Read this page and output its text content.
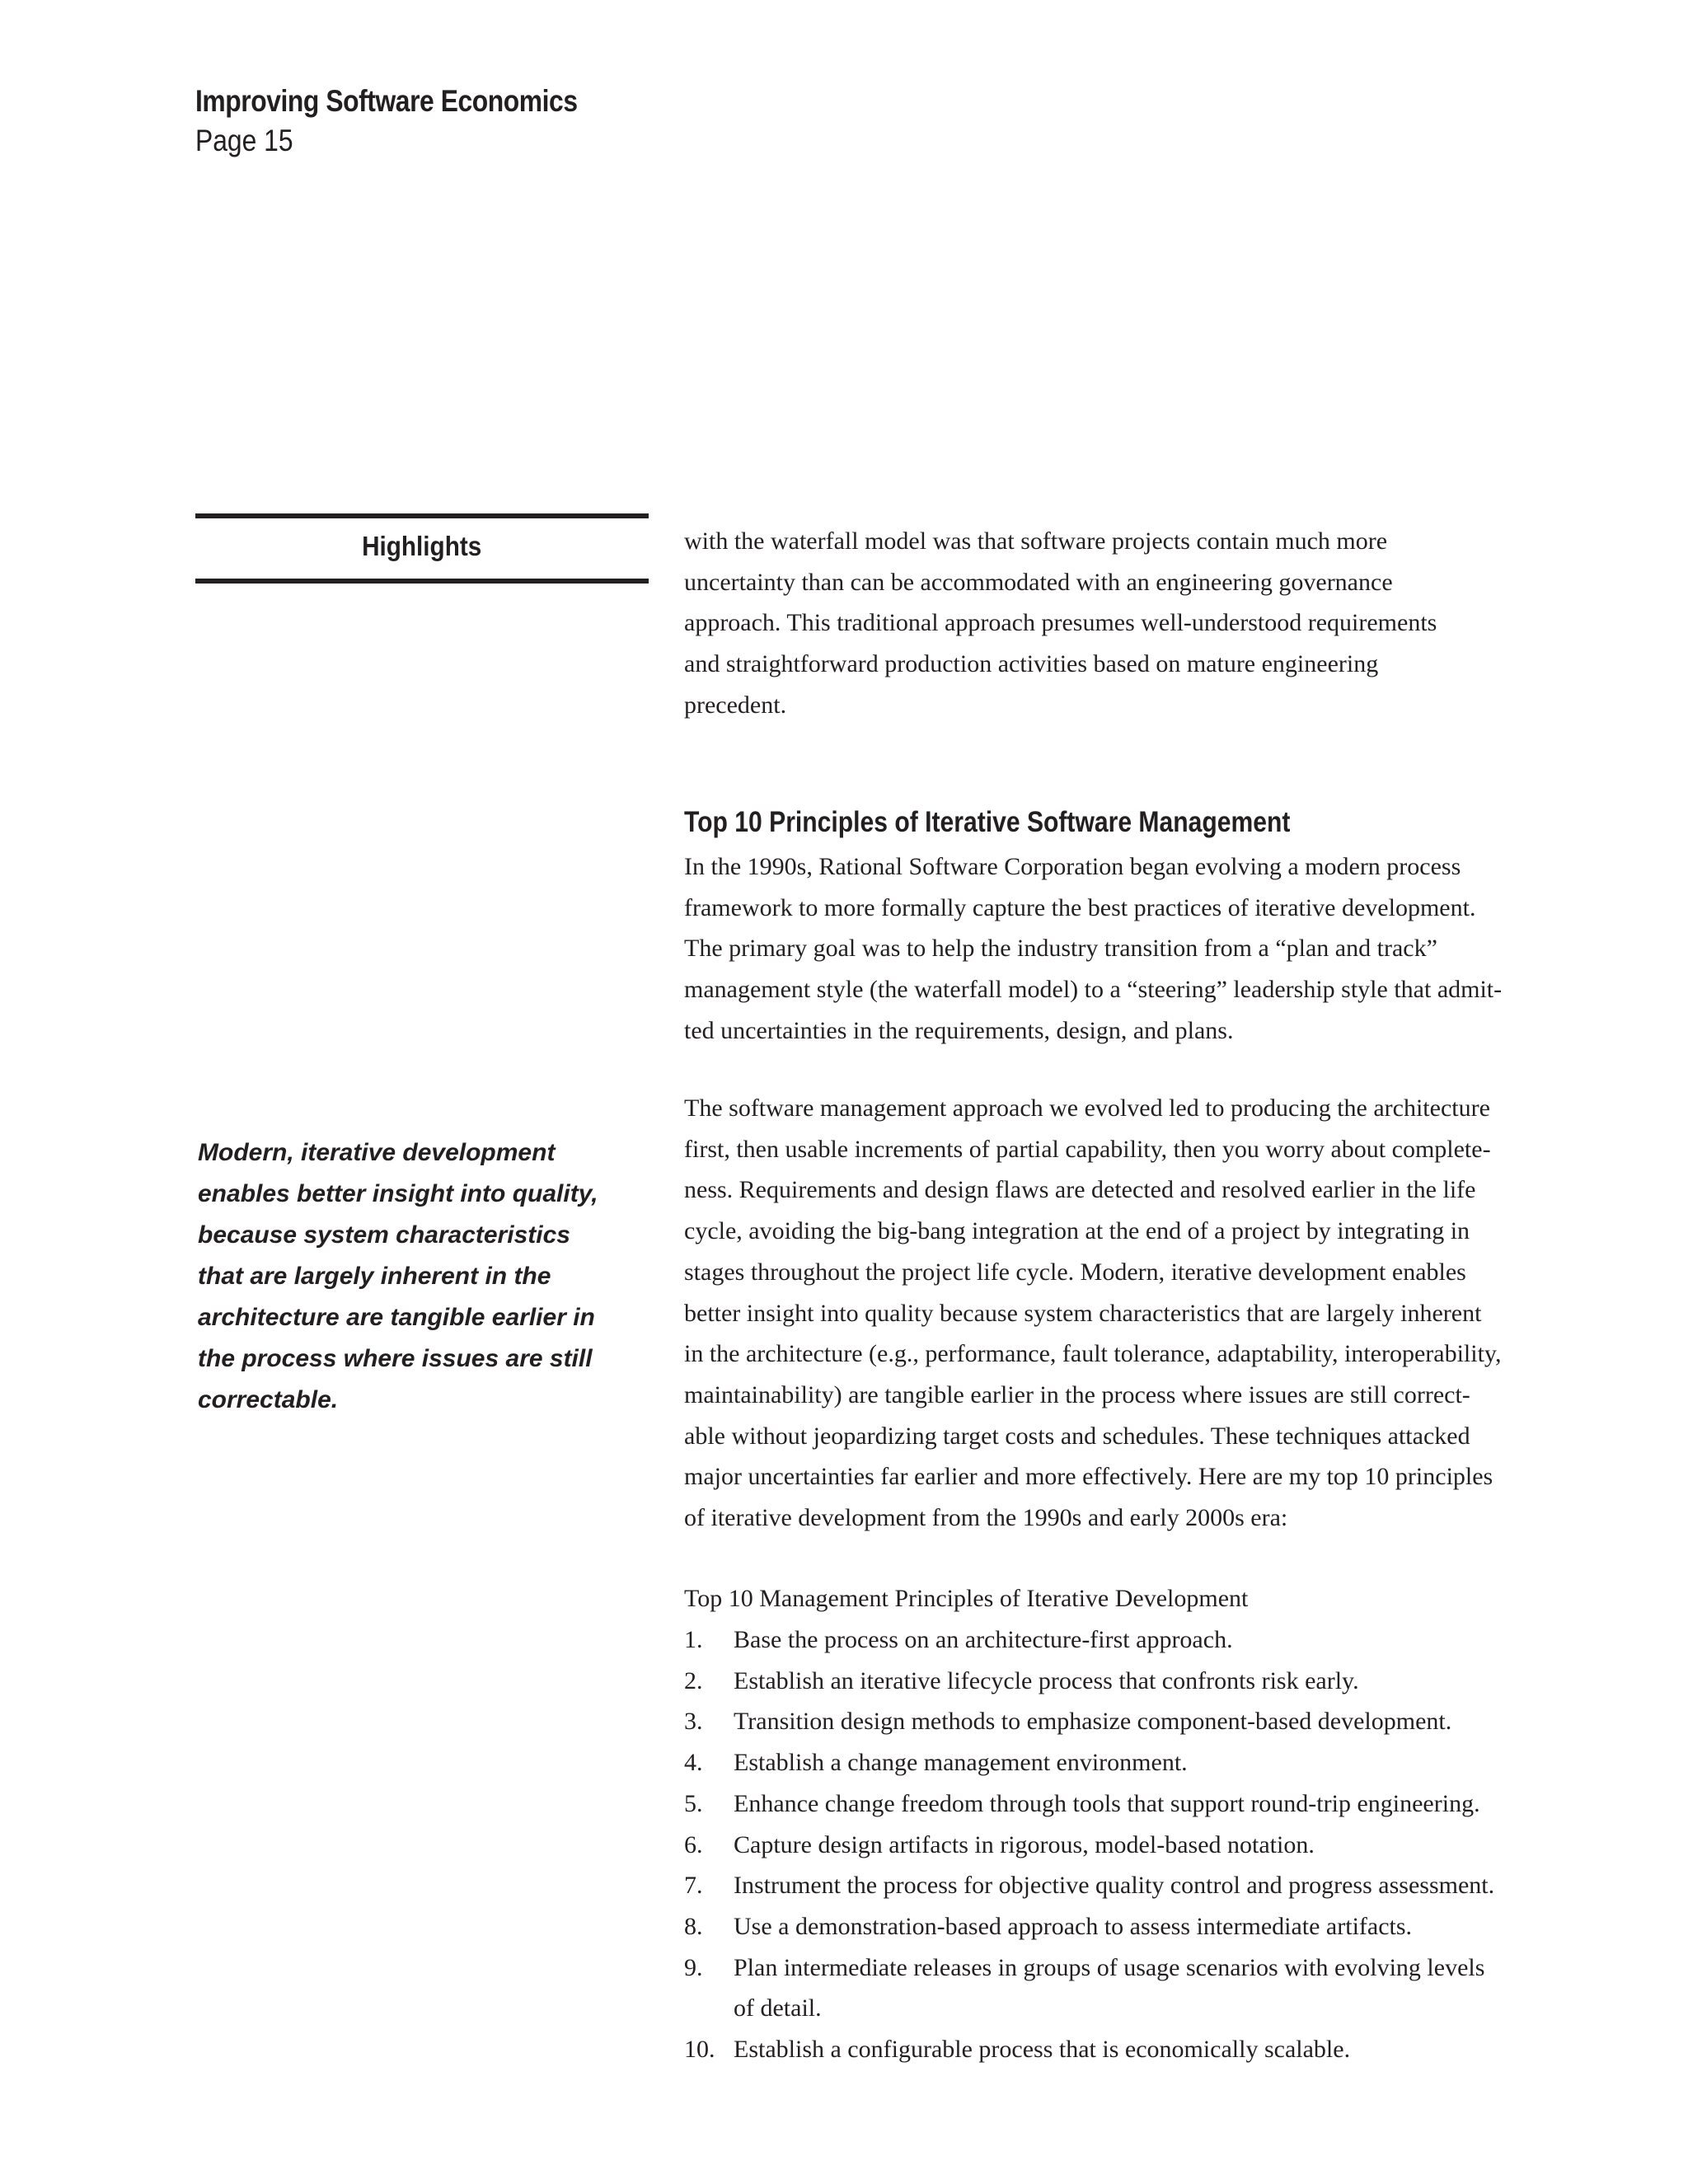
Improving Software Economics
Page 15
Highlights

Modern, iterative development
enables better insight into quality,
because system characteristics
that are largely inherent in the
architecture are tangible earlier in
the process where issues are still
correctable.

with the waterfall model was that software projects contain much more
uncertainty than can be accommodated with an engineering governance
approach. This traditional approach presumes well-understood requirements
and straightforward production activities based on mature engineering
precedent.

Top 10 Principles of Iterative Software Management

In the 1990s, Rational Software Corporation began evolving a modern process
framework to more formally capture the best practices of iterative development.
The primary goal was to help the industry transition from a “plan and track”
management style (the waterfall model) to a “steering” leadership style that admit-
ted uncertainties in the requirements, design, and plans.

The software management approach we evolved led to producing the architecture
first, then usable increments of partial capability, then you worry about complete-
ness. Requirements and design flaws are detected and resolved earlier in the life
cycle, avoiding the big-bang integration at the end of a project by integrating in
stages throughout the project life cycle. Modern, iterative development enables
better insight into quality because system characteristics that are largely inherent
in the architecture (e.g., performance, fault tolerance, adaptability, interoperability,
maintainability) are tangible earlier in the process where issues are still correct-
able without jeopardizing target costs and schedules. These techniques attacked
major uncertainties far earlier and more effectively. Here are my top 10 principles
of iterative development from the 1990s and early 2000s era:

Top 10 Management Principles of Iterative Development
1. Base the process on an architecture-first approach.
2. Establish an iterative lifecycle process that confronts risk early.
3. Transition design methods to emphasize component-based development.
4. Establish a change management environment.
5. Enhance change freedom through tools that support round-trip engineering.
6. Capture design artifacts in rigorous, model-based notation.
7. Instrument the process for objective quality control and progress assessment.
8. Use a demonstration-based approach to assess intermediate artifacts.
9. Plan intermediate releases in groups of usage scenarios with evolving levels
of detail.
10. Establish a configurable process that is economically scalable.
